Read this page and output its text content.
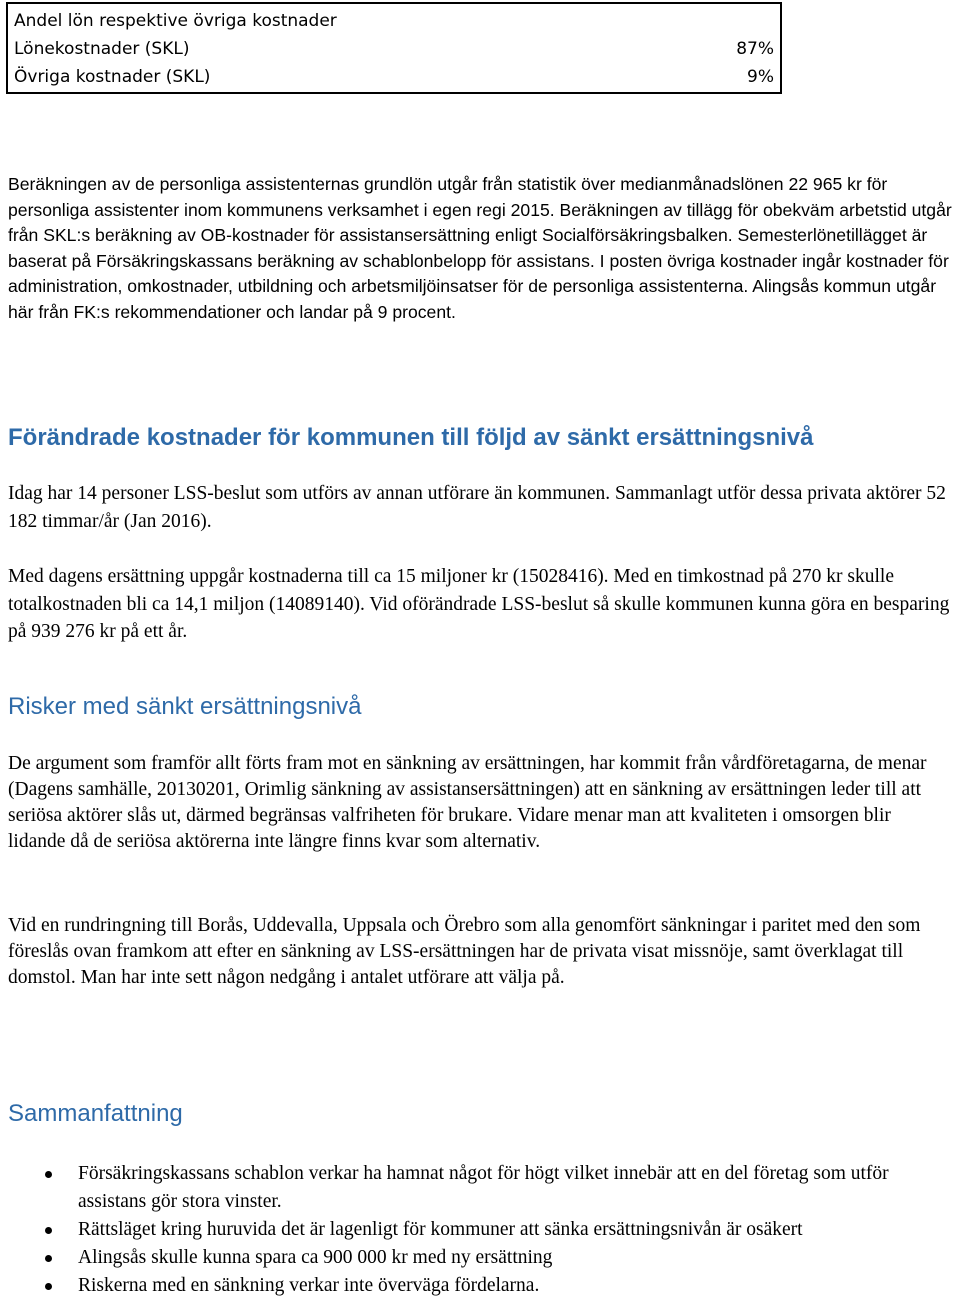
Andel lön respektive övriga kostnader
Lönekostnader (SKL)	87%
Övriga kostnader (SKL)	9%

Beräkningen av de personliga assistenternas grundlön utgår från statistik över medianmånadslönen 22 965 kr för personliga assistenter inom kommunens verksamhet i egen regi 2015. Beräkningen av tillägg för obekväm arbetstid utgår från SKL:s beräkning av OB-kostnader för assistansersättning enligt Socialförsäkringsbalken. Semesterlönetillägget är baserat på Försäkringskassans beräkning av schablonbelopp för assistans. I posten övriga kostnader ingår kostnader för administration, omkostnader, utbildning och arbetsmiljöinsatser för de personliga assistenterna. Alingsås kommun utgår här från FK:s rekommendationer och landar på 9 procent.

Förändrade kostnader för kommunen till följd av sänkt ersättningsnivå

Idag har 14 personer LSS-beslut som utförs av annan utförare än kommunen. Sammanlagt utför dessa privata aktörer 52 182 timmar/år (Jan 2016).

Med dagens ersättning uppgår kostnaderna till ca 15 miljoner kr (15028416). Med en timkostnad på 270 kr skulle totalkostnaden bli ca 14,1 miljon (14089140). Vid oförändrade LSS-beslut så skulle kommunen kunna göra en besparing på 939 276 kr på ett år.

Risker med sänkt ersättningsnivå

De argument som framför allt förts fram mot en sänkning av ersättningen, har kommit från vårdföretagarna, de menar (Dagens samhälle, 20130201, Orimlig sänkning av assistansersättningen) att en sänkning av ersättningen leder till att seriösa aktörer slås ut, därmed begränsas valfriheten för brukare. Vidare menar man att kvaliteten i omsorgen blir lidande då de seriösa aktörerna inte längre finns kvar som alternativ.

Vid en rundringning till Borås, Uddevalla, Uppsala och Örebro som alla genomfört sänkningar i paritet med den som föreslås ovan framkom att efter en sänkning av LSS-ersättningen har de privata visat missnöje, samt överklagat till domstol. Man har inte sett någon nedgång i antalet utförare att välja på.

Sammanfattning
Försäkringskassans schablon verkar ha hamnat något för högt vilket innebär att en del företag som utför assistans gör stora vinster.
Rättsläget kring huruvida det är lagenligt för kommuner att sänka ersättningsnivån är osäkert
Alingsås skulle kunna spara ca 900 000 kr med ny ersättning
Riskerna med en sänkning verkar inte överväga fördelarna.
